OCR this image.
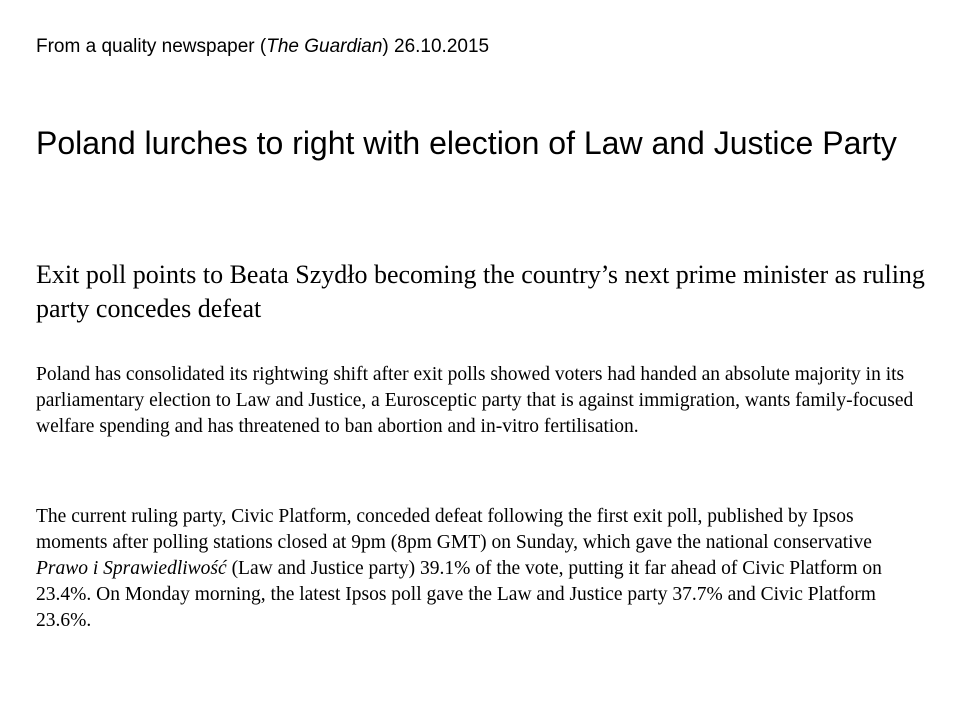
From a quality newspaper (The Guardian) 26.10.2015
Poland lurches to right with election of Law and Justice Party
Exit poll points to Beata Szydło becoming the country’s next prime minister as ruling party concedes defeat

Poland has consolidated its rightwing shift after exit polls showed voters had handed an absolute majority in its parliamentary election to Law and Justice, a Eurosceptic party that is against immigration, wants family-focused welfare spending and has threatened to ban abortion and in-vitro fertilisation.

The current ruling party, Civic Platform, conceded defeat following the first exit poll, published by Ipsos moments after polling stations closed at 9pm (8pm GMT) on Sunday, which gave the national conservative Prawo i Sprawiedliwość (Law and Justice party) 39.1% of the vote, putting it far ahead of Civic Platform on 23.4%. On Monday morning, the latest Ipsos poll gave the Law and Justice party 37.7% and Civic Platform 23.6%.
